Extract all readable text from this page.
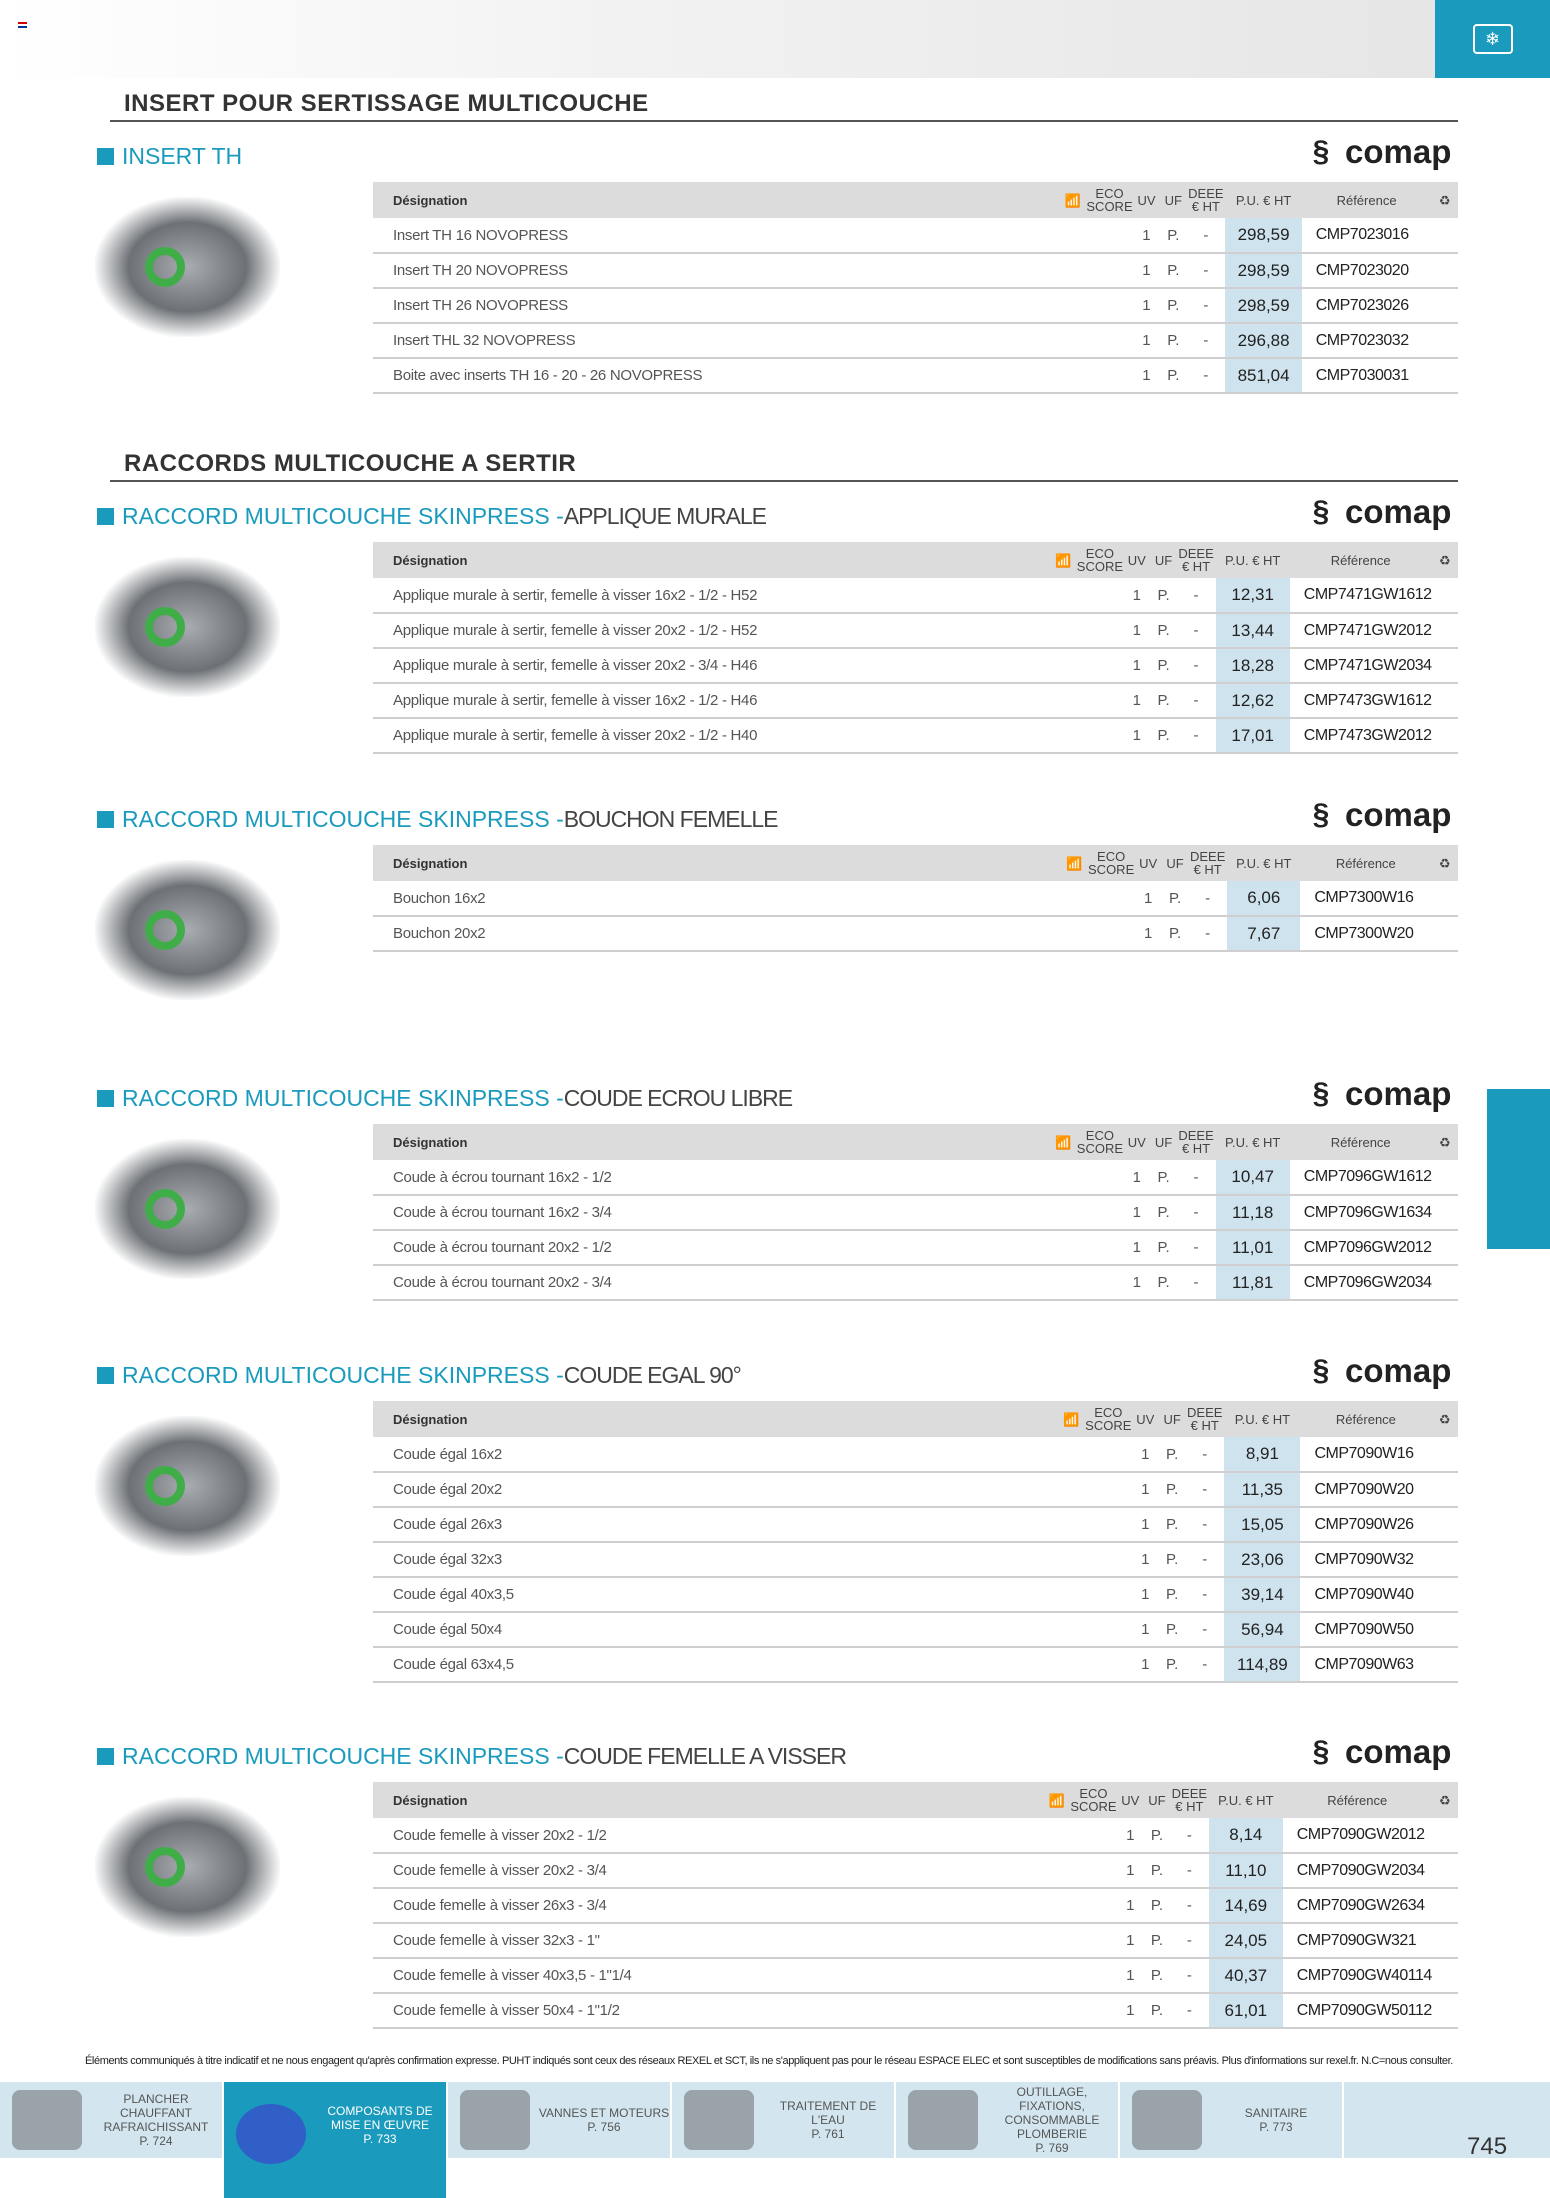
❄
INSERT POUR SERTISSAGE MULTICOUCHE
INSERT TH	§ comap
Désignation	📶	ECO SCORE	UV	UF	DEEE € HT	P.U. € HT	Référence	♻
Insert TH 16 NOVOPRESS			1	P.	-	298,59	CMP7023016	
Insert TH 20 NOVOPRESS			1	P.	-	298,59	CMP7023020	
Insert TH 26 NOVOPRESS			1	P.	-	298,59	CMP7023026	
Insert THL 32 NOVOPRESS			1	P.	-	296,88	CMP7023032	
Boite avec inserts TH 16 - 20 - 26 NOVOPRESS			1	P.	-	851,04	CMP7030031	
RACCORDS MULTICOUCHE A SERTIR
RACCORD MULTICOUCHE SKINPRESS - APPLIQUE MURALE	§ comap
Désignation	📶	ECO SCORE	UV	UF	DEEE € HT	P.U. € HT	Référence	♻
Applique murale à sertir, femelle à visser 16x2 - 1/2 - H52			1	P.	-	12,31	CMP7471GW1612	
Applique murale à sertir, femelle à visser 20x2 - 1/2 - H52			1	P.	-	13,44	CMP7471GW2012	
Applique murale à sertir, femelle à visser 20x2 - 3/4 - H46			1	P.	-	18,28	CMP7471GW2034	
Applique murale à sertir, femelle à visser 16x2 - 1/2 - H46			1	P.	-	12,62	CMP7473GW1612	
Applique murale à sertir, femelle à visser 20x2 - 1/2 - H40			1	P.	-	17,01	CMP7473GW2012	
RACCORD MULTICOUCHE SKINPRESS - BOUCHON FEMELLE	§ comap
Désignation	📶	ECO SCORE	UV	UF	DEEE € HT	P.U. € HT	Référence	♻
Bouchon 16x2			1	P.	-	6,06	CMP7300W16	
Bouchon 20x2			1	P.	-	7,67	CMP7300W20	
RACCORD MULTICOUCHE SKINPRESS - COUDE ECROU LIBRE	§ comap
Désignation	📶	ECO SCORE	UV	UF	DEEE € HT	P.U. € HT	Référence	♻
Coude à écrou tournant 16x2 - 1/2			1	P.	-	10,47	CMP7096GW1612	
Coude à écrou tournant 16x2 - 3/4			1	P.	-	11,18	CMP7096GW1634	
Coude à écrou tournant 20x2 - 1/2			1	P.	-	11,01	CMP7096GW2012	
Coude à écrou tournant 20x2 - 3/4			1	P.	-	11,81	CMP7096GW2034	
RACCORD MULTICOUCHE SKINPRESS - COUDE EGAL 90°	§ comap
Désignation	📶	ECO SCORE	UV	UF	DEEE € HT	P.U. € HT	Référence	♻
Coude égal 16x2			1	P.	-	8,91	CMP7090W16	
Coude égal 20x2			1	P.	-	11,35	CMP7090W20	
Coude égal 26x3			1	P.	-	15,05	CMP7090W26	
Coude égal 32x3			1	P.	-	23,06	CMP7090W32	
Coude égal 40x3,5			1	P.	-	39,14	CMP7090W40	
Coude égal 50x4			1	P.	-	56,94	CMP7090W50	
Coude égal 63x4,5			1	P.	-	114,89	CMP7090W63	
RACCORD MULTICOUCHE SKINPRESS - COUDE FEMELLE A VISSER	§ comap
Désignation	📶	ECO SCORE	UV	UF	DEEE € HT	P.U. € HT	Référence	♻
Coude femelle à visser 20x2 - 1/2			1	P.	-	8,14	CMP7090GW2012	
Coude femelle à visser 20x2 - 3/4			1	P.	-	11,10	CMP7090GW2034	
Coude femelle à visser 26x3 - 3/4			1	P.	-	14,69	CMP7090GW2634	
Coude femelle à visser 32x3 - 1"			1	P.	-	24,05	CMP7090GW321	
Coude femelle à visser 40x3,5 - 1"1/4			1	P.	-	40,37	CMP7090GW40114	
Coude femelle à visser 50x4 - 1"1/2			1	P.	-	61,01	CMP7090GW50112	
Éléments communiqués à titre indicatif et ne nous engagent qu'après confirmation expresse. PUHT indiqués sont ceux des réseaux REXEL et SCT, ils ne s'appliquent pas pour le réseau ESPACE ELEC et sont susceptibles de modifications sans préavis. Plus d'informations sur rexel.fr. N.C=nous consulter.
PLANCHER CHAUFFANT RAFRAICHISSANT
P. 724
COMPOSANTS DE MISE EN ŒUVRE
P. 733
VANNES ET MOTEURS
P. 756
TRAITEMENT DE L'EAU
P. 761
OUTILLAGE, FIXATIONS, CONSOMMABLE PLOMBERIE
P. 769
SANITAIRE
P. 773
745
